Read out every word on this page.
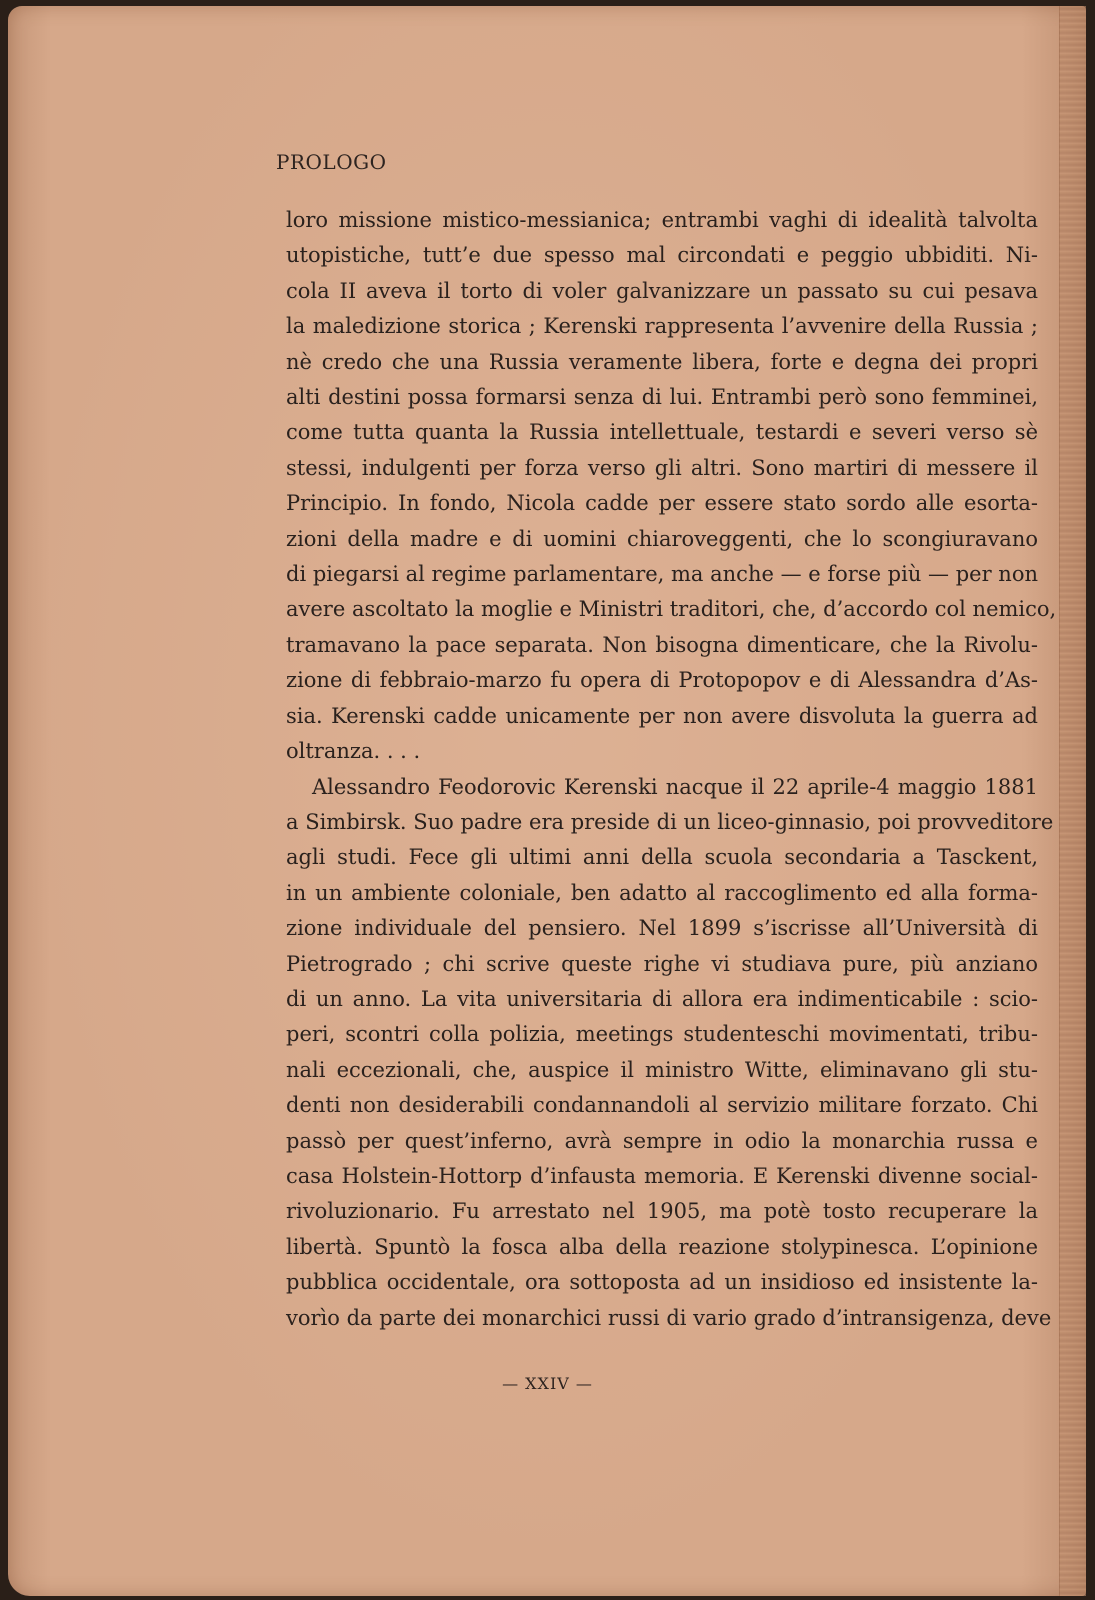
PROLOGO
loro missione mistico-messianica; entrambi vaghi di idealità talvolta
utopistiche, tutt’e due spesso mal circondati e peggio ubbiditi. Ni-
cola II aveva il torto di voler galvanizzare un passato su cui pesava
la maledizione storica ; Kerenski rappresenta l’avvenire della Russia ;
nè credo che una Russia veramente libera, forte e degna dei propri
alti destini possa formarsi senza di lui. Entrambi però sono femminei,
come tutta quanta la Russia intellettuale, testardi e severi verso sè
stessi, indulgenti per forza verso gli altri. Sono martiri di messere il
Principio. In fondo, Nicola cadde per essere stato sordo alle esorta-
zioni della madre e di uomini chiaroveggenti, che lo scongiuravano
di piegarsi al regime parlamentare, ma anche — e forse più — per non
avere ascoltato la moglie e Ministri traditori, che, d’accordo col nemico,
tramavano la pace separata. Non bisogna dimenticare, che la Rivolu-
zione di febbraio-marzo fu opera di Protopopov e di Alessandra d’As-
sia. Kerenski cadde unicamente per non avere disvoluta la guerra ad
oltranza. . . .
Alessandro Feodorovic Kerenski nacque il 22 aprile-4 maggio 1881
a Simbirsk. Suo padre era preside di un liceo-ginnasio, poi provveditore
agli studi. Fece gli ultimi anni della scuola secondaria a Tasckent,
in un ambiente coloniale, ben adatto al raccoglimento ed alla forma-
zione individuale del pensiero. Nel 1899 s’iscrisse all’Università di
Pietrogrado ; chi scrive queste righe vi studiava pure, più anziano
di un anno. La vita universitaria di allora era indimenticabile : scio-
peri, scontri colla polizia, meetings studenteschi movimentati, tribu-
nali eccezionali, che, auspice il ministro Witte, eliminavano gli stu-
denti non desiderabili condannandoli al servizio militare forzato. Chi
passò per quest’inferno, avrà sempre in odio la monarchia russa e
casa Holstein-Hottorp d’infausta memoria. E Kerenski divenne social-
rivoluzionario. Fu arrestato nel 1905, ma potè tosto recuperare la
libertà. Spuntò la fosca alba della reazione stolypinesca. L’opinione
pubblica occidentale, ora sottoposta ad un insidioso ed insistente la-
vorìo da parte dei monarchici russi di vario grado d’intransigenza, deve
— XXIV —
